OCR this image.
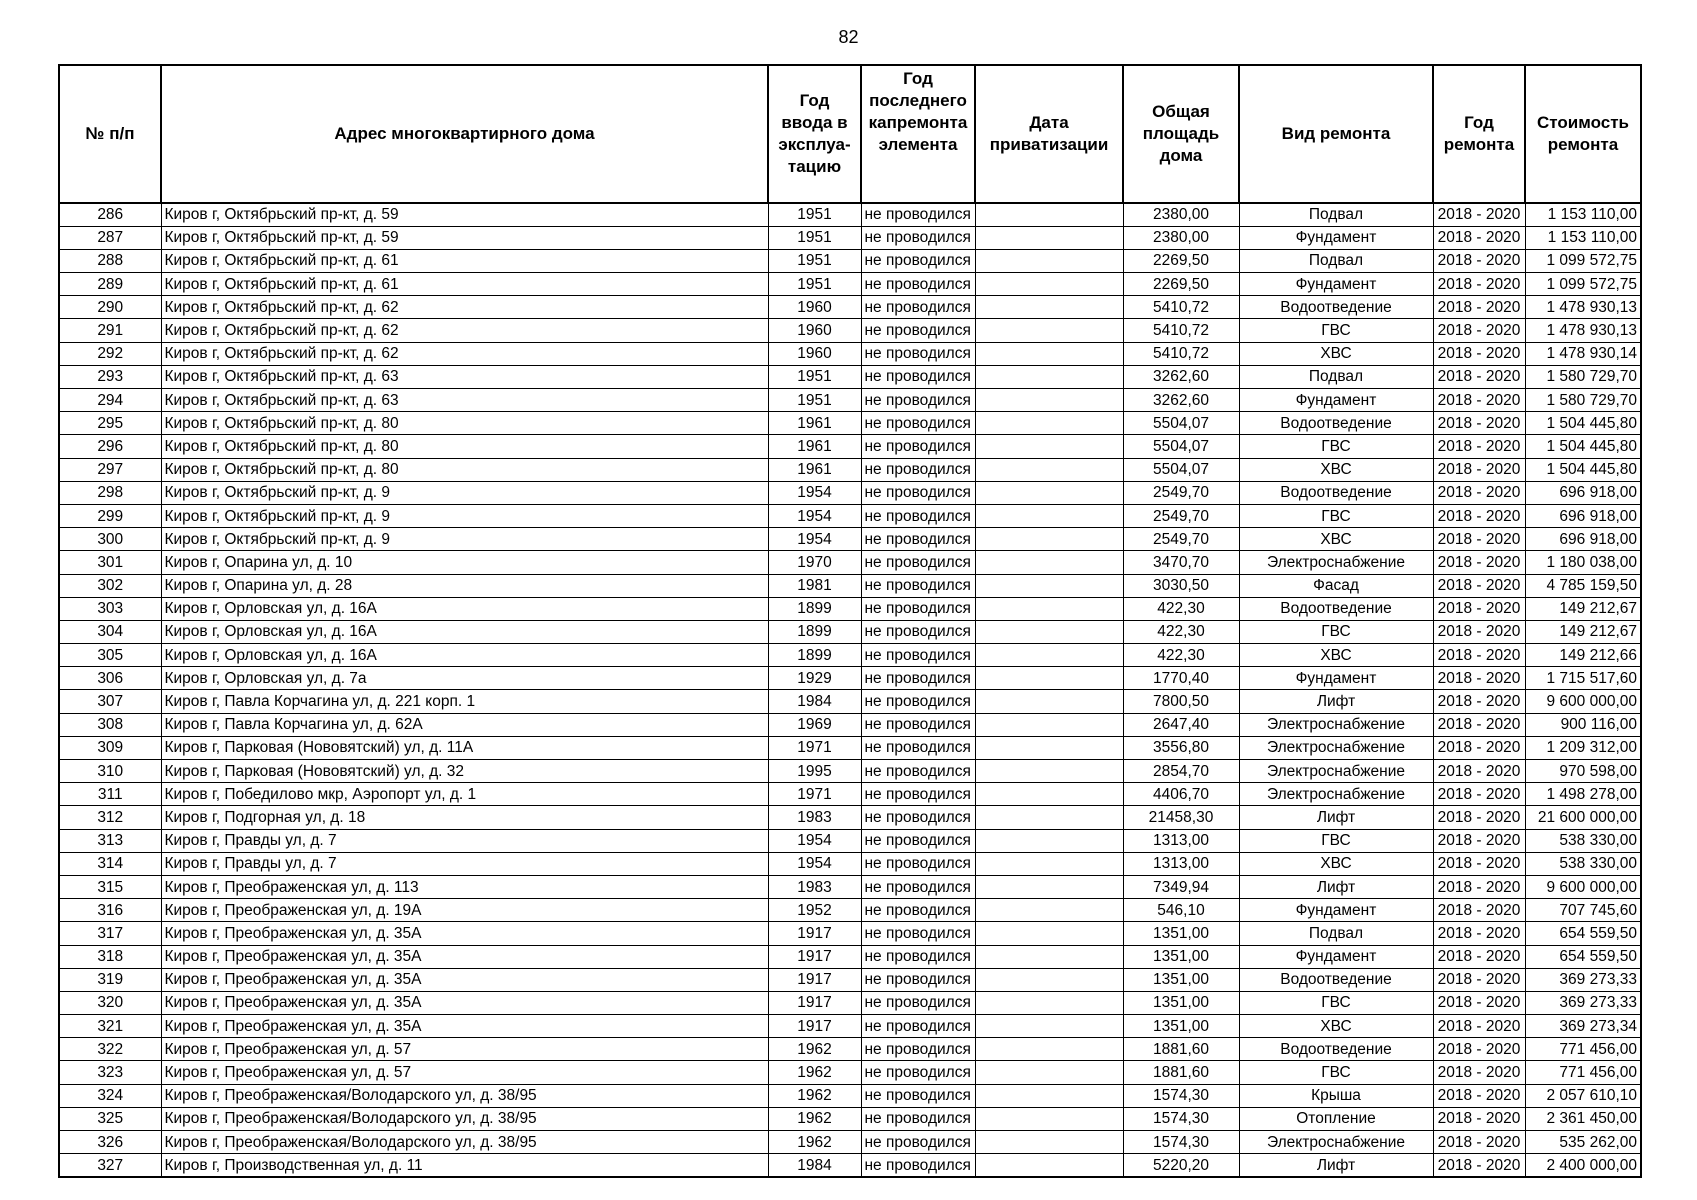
82
№ п/п	Адрес многоквартирного дома	Год ввода в эксплуа-тацию	Год последнего капремонта элемента	Дата приватизации	Общая площадь дома	Вид ремонта	Год ремонта	Стоимость ремонта
286	Киров г, Октябрьский пр-кт, д. 59	1951	не проводился		2380,00	Подвал	2018 - 2020	1 153 110,00
287	Киров г, Октябрьский пр-кт, д. 59	1951	не проводился		2380,00	Фундамент	2018 - 2020	1 153 110,00
288	Киров г, Октябрьский пр-кт, д. 61	1951	не проводился		2269,50	Подвал	2018 - 2020	1 099 572,75
289	Киров г, Октябрьский пр-кт, д. 61	1951	не проводился		2269,50	Фундамент	2018 - 2020	1 099 572,75
290	Киров г, Октябрьский пр-кт, д. 62	1960	не проводился		5410,72	Водоотведение	2018 - 2020	1 478 930,13
291	Киров г, Октябрьский пр-кт, д. 62	1960	не проводился		5410,72	ГВС	2018 - 2020	1 478 930,13
292	Киров г, Октябрьский пр-кт, д. 62	1960	не проводился		5410,72	ХВС	2018 - 2020	1 478 930,14
293	Киров г, Октябрьский пр-кт, д. 63	1951	не проводился		3262,60	Подвал	2018 - 2020	1 580 729,70
294	Киров г, Октябрьский пр-кт, д. 63	1951	не проводился		3262,60	Фундамент	2018 - 2020	1 580 729,70
295	Киров г, Октябрьский пр-кт, д. 80	1961	не проводился		5504,07	Водоотведение	2018 - 2020	1 504 445,80
296	Киров г, Октябрьский пр-кт, д. 80	1961	не проводился		5504,07	ГВС	2018 - 2020	1 504 445,80
297	Киров г, Октябрьский пр-кт, д. 80	1961	не проводился		5504,07	ХВС	2018 - 2020	1 504 445,80
298	Киров г, Октябрьский пр-кт, д. 9	1954	не проводился		2549,70	Водоотведение	2018 - 2020	696 918,00
299	Киров г, Октябрьский пр-кт, д. 9	1954	не проводился		2549,70	ГВС	2018 - 2020	696 918,00
300	Киров г, Октябрьский пр-кт, д. 9	1954	не проводился		2549,70	ХВС	2018 - 2020	696 918,00
301	Киров г, Опарина ул, д. 10	1970	не проводился		3470,70	Электроснабжение	2018 - 2020	1 180 038,00
302	Киров г, Опарина ул, д. 28	1981	не проводился		3030,50	Фасад	2018 - 2020	4 785 159,50
303	Киров г, Орловская ул, д. 16А	1899	не проводился		422,30	Водоотведение	2018 - 2020	149 212,67
304	Киров г, Орловская ул, д. 16А	1899	не проводился		422,30	ГВС	2018 - 2020	149 212,67
305	Киров г, Орловская ул, д. 16А	1899	не проводился		422,30	ХВС	2018 - 2020	149 212,66
306	Киров г, Орловская ул, д. 7а	1929	не проводился		1770,40	Фундамент	2018 - 2020	1 715 517,60
307	Киров г, Павла Корчагина ул, д. 221 корп. 1	1984	не проводился		7800,50	Лифт	2018 - 2020	9 600 000,00
308	Киров г, Павла Корчагина ул, д. 62А	1969	не проводился		2647,40	Электроснабжение	2018 - 2020	900 116,00
309	Киров г, Парковая (Нововятский) ул, д. 11А	1971	не проводился		3556,80	Электроснабжение	2018 - 2020	1 209 312,00
310	Киров г, Парковая (Нововятский) ул, д. 32	1995	не проводился		2854,70	Электроснабжение	2018 - 2020	970 598,00
311	Киров г, Победилово мкр, Аэропорт ул, д. 1	1971	не проводился		4406,70	Электроснабжение	2018 - 2020	1 498 278,00
312	Киров г, Подгорная ул, д. 18	1983	не проводился		21458,30	Лифт	2018 - 2020	21 600 000,00
313	Киров г, Правды ул, д. 7	1954	не проводился		1313,00	ГВС	2018 - 2020	538 330,00
314	Киров г, Правды ул, д. 7	1954	не проводился		1313,00	ХВС	2018 - 2020	538 330,00
315	Киров г, Преображенская ул, д. 113	1983	не проводился		7349,94	Лифт	2018 - 2020	9 600 000,00
316	Киров г, Преображенская ул, д. 19А	1952	не проводился		546,10	Фундамент	2018 - 2020	707 745,60
317	Киров г, Преображенская ул, д. 35А	1917	не проводился		1351,00	Подвал	2018 - 2020	654 559,50
318	Киров г, Преображенская ул, д. 35А	1917	не проводился		1351,00	Фундамент	2018 - 2020	654 559,50
319	Киров г, Преображенская ул, д. 35А	1917	не проводился		1351,00	Водоотведение	2018 - 2020	369 273,33
320	Киров г, Преображенская ул, д. 35А	1917	не проводился		1351,00	ГВС	2018 - 2020	369 273,33
321	Киров г, Преображенская ул, д. 35А	1917	не проводился		1351,00	ХВС	2018 - 2020	369 273,34
322	Киров г, Преображенская ул, д. 57	1962	не проводился		1881,60	Водоотведение	2018 - 2020	771 456,00
323	Киров г, Преображенская ул, д. 57	1962	не проводился		1881,60	ГВС	2018 - 2020	771 456,00
324	Киров г, Преображенская/Володарского ул, д. 38/95	1962	не проводился		1574,30	Крыша	2018 - 2020	2 057 610,10
325	Киров г, Преображенская/Володарского ул, д. 38/95	1962	не проводился		1574,30	Отопление	2018 - 2020	2 361 450,00
326	Киров г, Преображенская/Володарского ул, д. 38/95	1962	не проводился		1574,30	Электроснабжение	2018 - 2020	535 262,00
327	Киров г, Производственная ул, д. 11	1984	не проводился		5220,20	Лифт	2018 - 2020	2 400 000,00
